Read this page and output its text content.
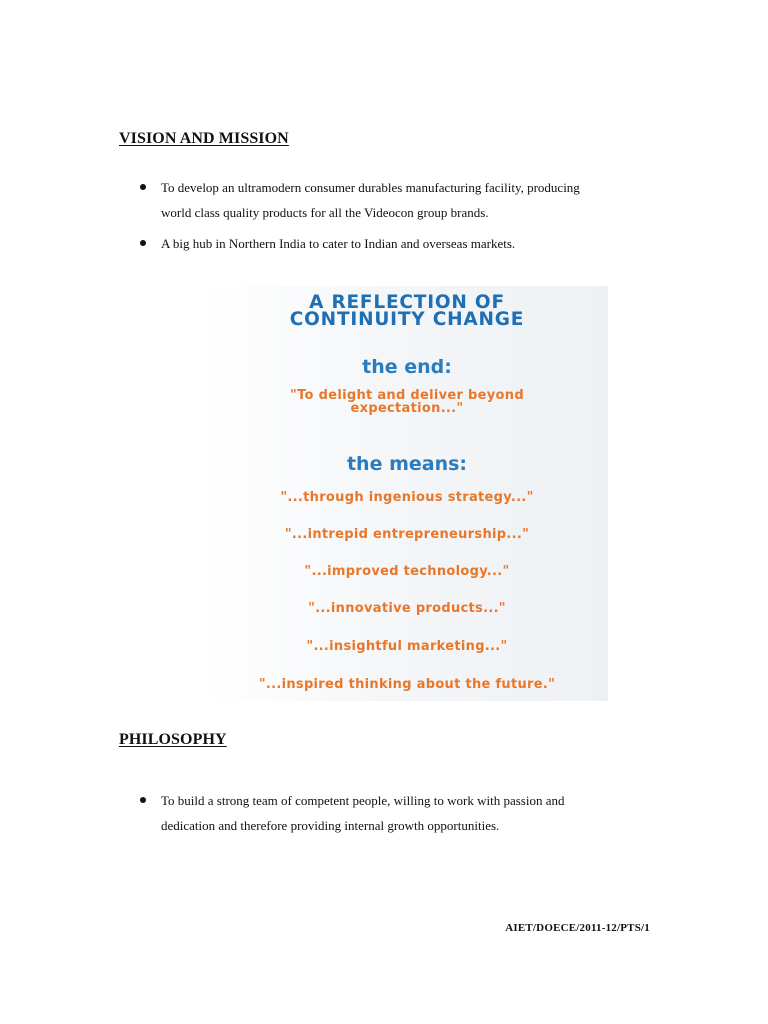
VISION AND MISSION
To develop an ultramodern consumer durables manufacturing facility, producing
world class quality products for all the Videocon group brands.
A big hub in Northern India to cater to Indian and overseas markets.

A REFLECTION OF

CONTINUITY CHANGE

the end:

"To delight and deliver beyond

expectation..."

the means:

"...through ingenious strategy..."

"...intrepid entrepreneurship..."

"...improved technology..."

"...innovative products..."

"...insightful marketing..."

"...inspired thinking about the future."

PHILOSOPHY
To build a strong team of competent people, willing to work with passion and
dedication and therefore providing internal growth opportunities.
AIET/DOECE/2011-12/PTS/1
